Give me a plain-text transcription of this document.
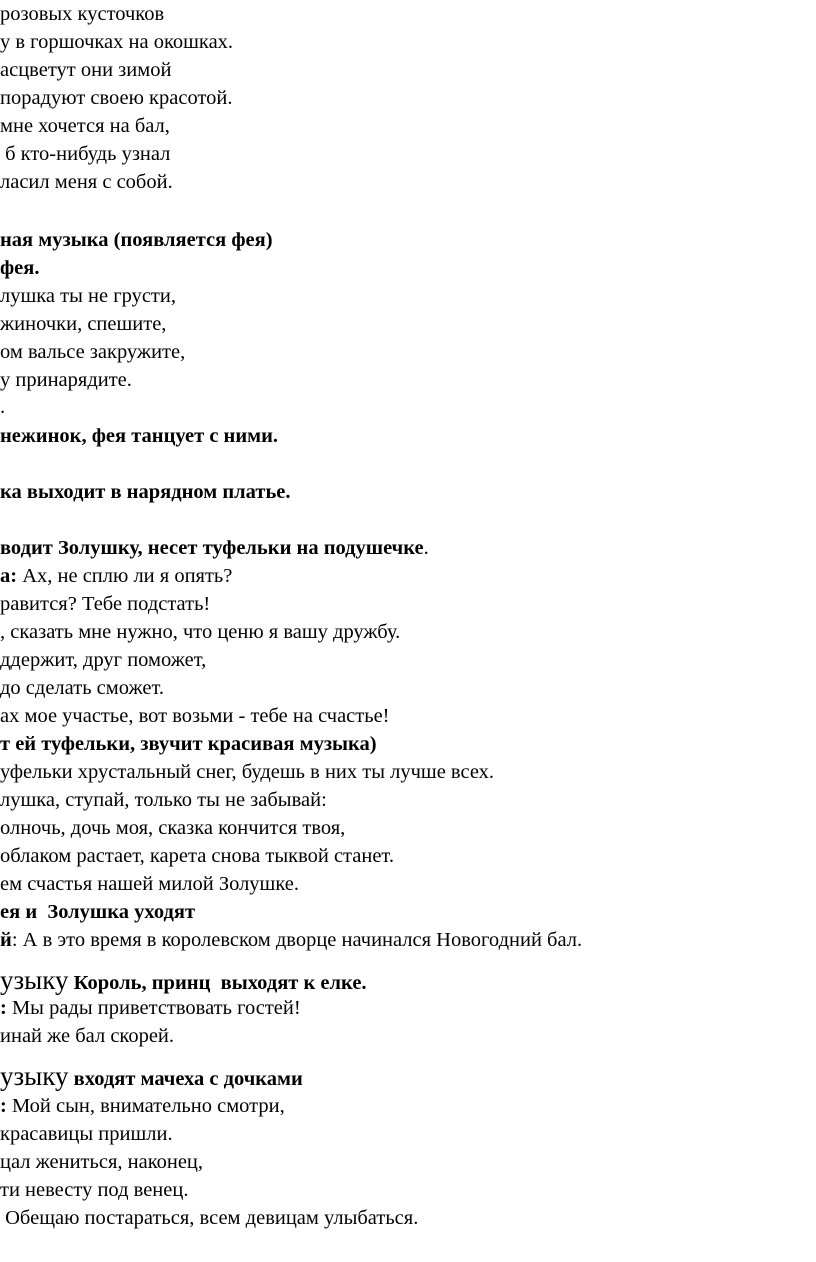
розовых кусточков
у в горшочках на окошках.
асцветут они зимой
порадуют своею красотой.
мне хочется на бал,
б кто-нибудь узнал
ласил меня с собой.
ная музыка (появляется фея)
фея.
лушка ты не грусти,
жиночки, спешите,
ом вальсе закружите,
у принарядите.
.
нежинок, фея танцует с ними.
ка выходит в нарядном платье.
водит Золушку, несет туфельки на подушечке.
а: Ах, не сплю ли я опять?
равится? Тебе подстать!
, сказать мне нужно, что ценю я вашу дружбу.
ддержит, друг поможет,
до сделать сможет.
ах мое участье, вот возьми - тебе на счастье!
т ей туфельки, звучит красивая музыка)
уфельки хрустальный снег, будешь в них ты лучше всех.
лушка, ступай, только ты не забывай:
олночь, дочь моя, сказка кончится твоя,
облаком растает, карета снова тыквой станет.
ем счастья нашей милой Золушке.
ея и  Золушка уходят
й: А в это время в королевском дворце начинался Новогодний бал.
узыку Король, принц  выходят к елке.
: Мы рады приветствовать гостей!
инай же бал скорей.
узыку входят мачеха с дочками
: Мой сын, внимательно смотри,
красавицы пришли.
цал жениться, наконец,
ти невесту под венец.
Обещаю постараться, всем девицам улыбаться.
